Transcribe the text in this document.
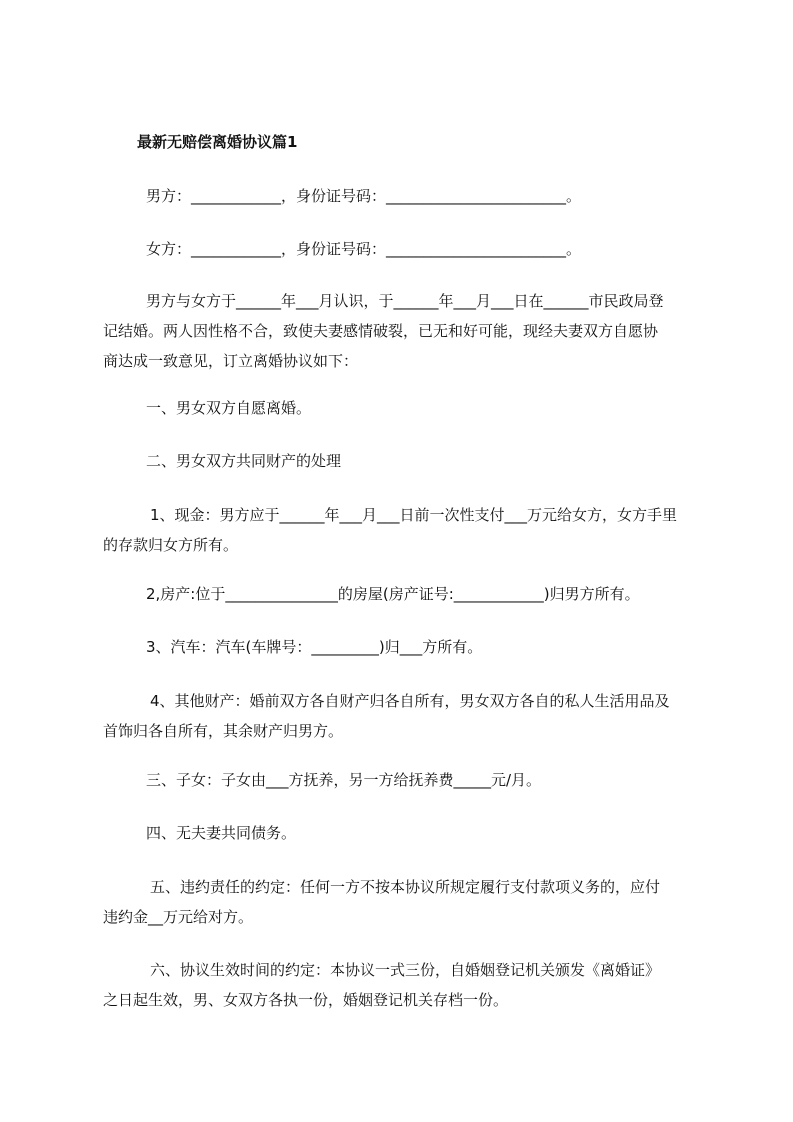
最新无赔偿离婚协议篇1
男方：____________，身份证号码：________________________。
女方：____________，身份证号码：________________________。
男方与女方于______年___月认识，于______年___月___日在______市民政局登
记结婚。两人因性格不合，致使夫妻感情破裂，已无和好可能，现经夫妻双方自愿协
商达成一致意见，订立离婚协议如下：
一、男女双方自愿离婚。
二、男女双方共同财产的处理
1、现金：男方应于______年___月___日前一次性支付___万元给女方，女方手里
的存款归女方所有。
2,房产:位于_______________的房屋(房产证号:____________)归男方所有。
3、汽车：汽车(车牌号：_________)归___方所有。
4、其他财产：婚前双方各自财产归各自所有，男女双方各自的私人生活用品及
首饰归各自所有，其余财产归男方。
三、子女：子女由___方抚养，另一方给抚养费_____元/月。
四、无夫妻共同债务。
五、违约责任的约定：任何一方不按本协议所规定履行支付款项义务的，应付
违约金__万元给对方。
六、协议生效时间的约定：本协议一式三份，自婚姻登记机关颁发《离婚证》
之日起生效，男、女双方各执一份，婚姻登记机关存档一份。
